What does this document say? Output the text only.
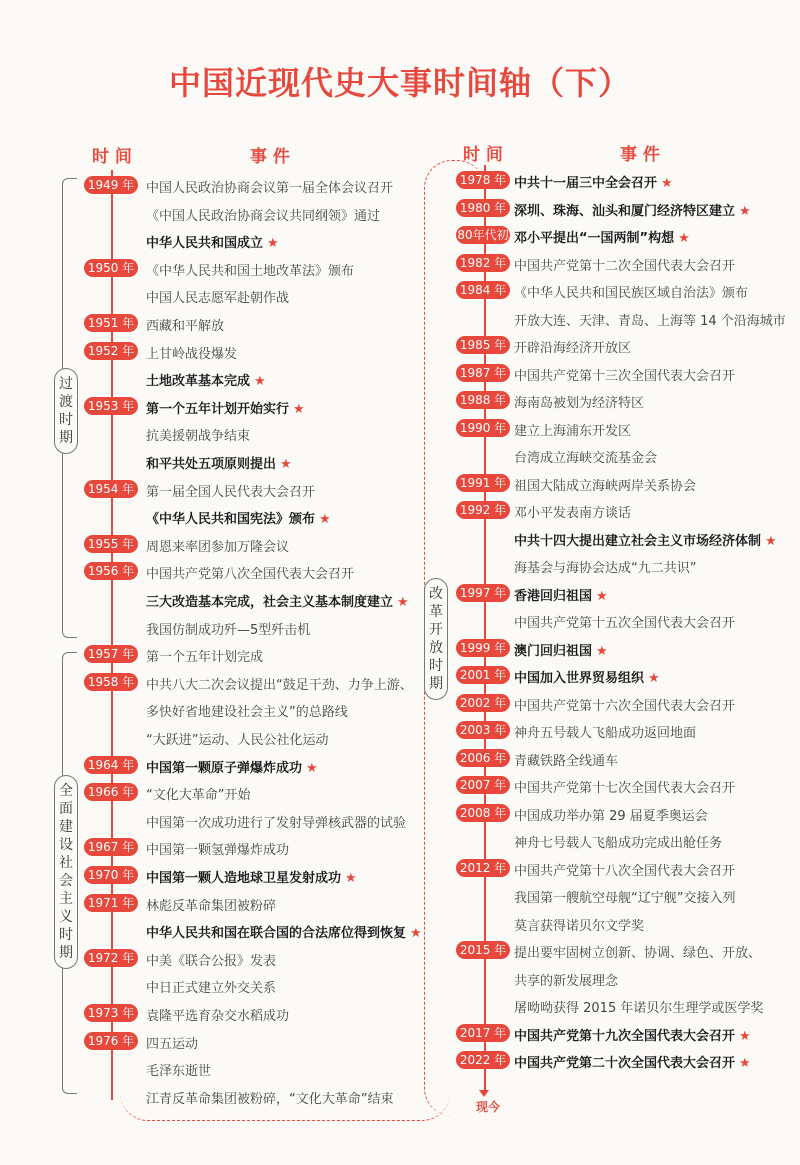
中国近现代史大事时间轴（下）
时 间	事 件	时 间	事 件
过
渡
时
期
全
面
建
设
社
会
主
义
时
期
改
革
开
放
时
期
1949 年 中国人民政治协商会议第一届全体会议召开
《中国人民政治协商会议共同纲领》通过
中华人民共和国成立 ★
1950 年 《中华人民共和国土地改革法》颁布
中国人民志愿军赴朝作战
1951 年 西藏和平解放
1952 年 上甘岭战役爆发
土地改革基本完成 ★
1953 年 第一个五年计划开始实行 ★
抗美援朝战争结束
和平共处五项原则提出 ★
1954 年 第一届全国人民代表大会召开
《中华人民共和国宪法》颁布 ★
1955 年 周恩来率团参加万隆会议
1956 年 中国共产党第八次全国代表大会召开
三大改造基本完成，社会主义基本制度建立 ★
我国仿制成功歼—5型歼击机
1957 年 第一个五年计划完成
1958 年 中共八大二次会议提出“鼓足干劲、力争上游、
多快好省地建设社会主义”的总路线
“大跃进”运动、人民公社化运动
1964 年 中国第一颗原子弹爆炸成功 ★
1966 年 “文化大革命”开始
中国第一次成功进行了发射导弹核武器的试验
1967 年 中国第一颗氢弹爆炸成功
1970 年 中国第一颗人造地球卫星发射成功 ★
1971 年 林彪反革命集团被粉碎
中华人民共和国在联合国的合法席位得到恢复 ★
1972 年 中美《联合公报》发表
中日正式建立外交关系
1973 年 袁隆平选育杂交水稻成功
1976 年 四五运动
毛泽东逝世
江青反革命集团被粉碎，“文化大革命”结束
1978 年 中共十一届三中全会召开 ★
1980 年 深圳、珠海、汕头和厦门经济特区建立 ★
80年代初 邓小平提出“一国两制”构想 ★
1982 年 中国共产党第十二次全国代表大会召开
1984 年 《中华人民共和国民族区域自治法》颁布
开放大连、天津、青岛、上海等 14 个沿海城市
1985 年 开辟沿海经济开放区
1987 年 中国共产党第十三次全国代表大会召开
1988 年 海南岛被划为经济特区
1990 年 建立上海浦东开发区
台湾成立海峡交流基金会
1991 年 祖国大陆成立海峡两岸关系协会
1992 年 邓小平发表南方谈话
中共十四大提出建立社会主义市场经济体制 ★
海基会与海协会达成“九二共识”
1997 年 香港回归祖国 ★
中国共产党第十五次全国代表大会召开
1999 年 澳门回归祖国 ★
2001 年 中国加入世界贸易组织 ★
2002 年 中国共产党第十六次全国代表大会召开
2003 年 神舟五号载人飞船成功返回地面
2006 年 青藏铁路全线通车
2007 年 中国共产党第十七次全国代表大会召开
2008 年 中国成功举办第 29 届夏季奥运会
神舟七号载人飞船成功完成出舱任务
2012 年 中国共产党第十八次全国代表大会召开
我国第一艘航空母舰“辽宁舰”交接入列
莫言获得诺贝尔文学奖
2015 年 提出要牢固树立创新、协调、绿色、开放、
共享的新发展理念
屠呦呦获得 2015 年诺贝尔生理学或医学奖
2017 年 中国共产党第十九次全国代表大会召开 ★
2022 年 中国共产党第二十次全国代表大会召开 ★
现今
